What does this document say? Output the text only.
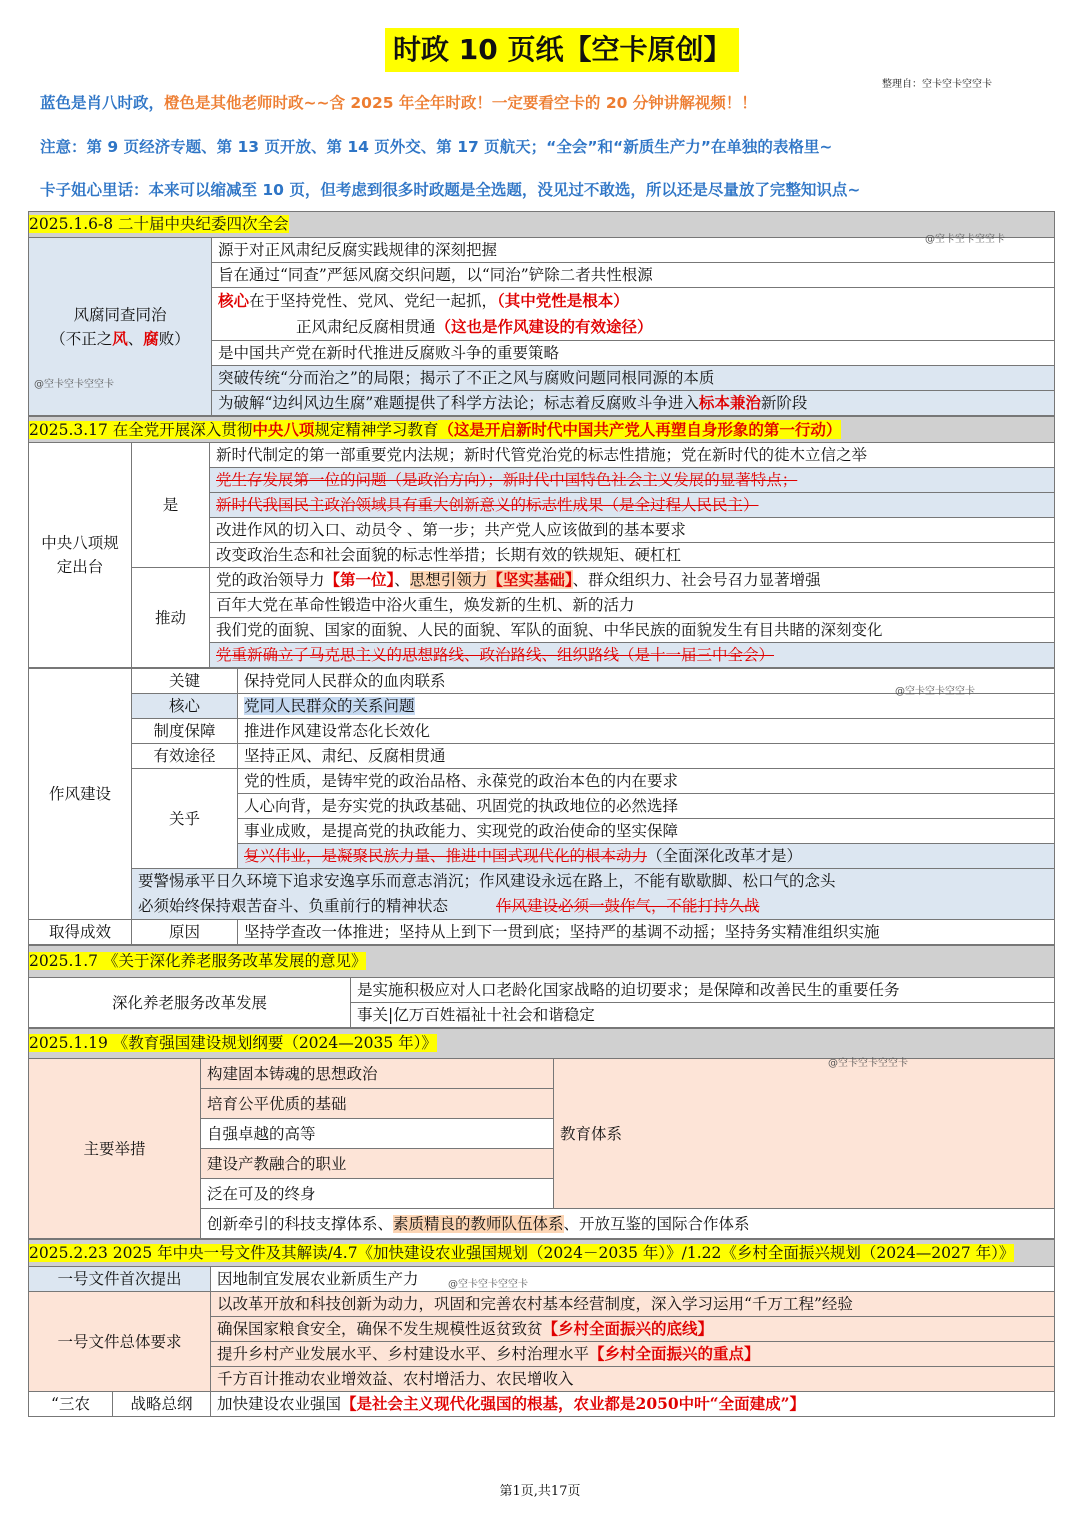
时政 10 页纸【空卡原创】
整理自：空卡空卡空空卡
蓝色是肖八时政，橙色是其他老师时政~~含 2025 年全年时政！一定要看空卡的 20 分钟讲解视频！！
注意：第 9 页经济专题、第 13 页开放、第 14 页外交、第 17 页航天；“全会”和“新质生产力”在单独的表格里~
卡子姐心里话：本来可以缩减至 10 页，但考虑到很多时政题是全选题，没见过不敢选，所以还是尽量放了完整知识点~
2025.1.6-8 二十届中央纪委四次全会
@空卡空卡空空卡
@空卡空卡空空卡
风腐同查同治
（不正之风、腐败）
	源于对正风肃纪反腐实践规律的深刻把握
旨在通过“同查”严惩风腐交织问题，以“同治”铲除二者共性根源

核心在于坚持党性、党风、党纪一起抓，（其中党性是根本）
正风肃纪反腐相贯通（这也是作风建设的有效途径）

是中国共产党在新时代推进反腐败斗争的重要策略
突破传统“分而治之”的局限；揭示了不正之风与腐败问题同根同源的本质
为破解“边纠风边生腐”难题提供了科学方法论；标志着反腐败斗争进入标本兼治新阶段
2025.3.17 在全党开展深入贯彻中央八项规定精神学习教育（这是开启新时代中国共产党人再塑自身形象的第一行动）
中央八项规定出台	是	新时代制定的第一部重要党内法规；新时代管党治党的标志性措施；党在新时代的徙木立信之举
		党生存发展第一位的问题（是政治方向）；新时代中国特色社会主义发展的显著特点；
		新时代我国民主政治领域具有重大创新意义的标志性成果（是全过程人民民主）
		改进作风的切入口、动员令 、第一步；共产党人应该做到的基本要求
		改变政治生态和社会面貌的标志性举措；长期有效的铁规矩、硬杠杠
	推动	党的政治领导力【第一位】、思想引领力【坚实基础】、群众组织力、社会号召力显著增强
		百年大党在革命性锻造中浴火重生，焕发新的生机、新的活力
		我们党的面貌、国家的面貌、人民的面貌、军队的面貌、中华民族的面貌发生有目共睹的深刻变化
		党重新确立了马克思主义的思想路线、政治路线、组织路线（是十一届三中全会）
@空卡空卡空空卡
作风建设	关键	保持党同人民群众的血肉联系
	核心	党同人民群众的关系问题
	制度保障	推进作风建设常态化长效化
	有效途径	坚持正风、肃纪、反腐相贯通
	关乎	党的性质，是铸牢党的政治品格、永葆党的政治本色的内在要求
		人心向背，是夯实党的执政基础、巩固党的执政地位的必然选择
		事业成败，是提高党的执政能力、实现党的政治使命的坚实保障
		复兴伟业，是凝聚民族力量、推进中国式现代化的根本动力（全面深化改革才是）

	要警惕承平日久环境下追求安逸享乐而意志消沉；作风建设永远在路上，不能有歇歇脚、松口气的念头
必须始终保持艰苦奋斗、负重前行的精神状态 作风建设必须一鼓作气，不能打持久战	

取得成效	原因	坚持学查改一体推进；坚持从上到下一贯到底；坚持严的基调不动摇；坚持务实精准组织实施
2025.1.7 《关于深化养老服务改革发展的意见》
深化养老服务改革发展	是实施积极应对人口老龄化国家战略的迫切要求；是保障和改善民生的重要任务
事关|亿万百姓福祉十社会和谐稳定
2025.1.19 《教育强国建设规划纲要（2024—2035 年）》
@空卡空卡空空卡
主要举措	构建固本铸魂的思想政治	教育体系
培育公平优质的基础
自强卓越的高等
建设产教融合的职业
泛在可及的终身
创新牵引的科技支撑体系、素质精良的教师队伍体系、开放互鉴的国际合作体系
2025.2.23 2025 年中央一号文件及其解读/4.7《加快建设农业强国规划（2024－2035 年）》/1.22《乡村全面振兴规划（2024—2027 年）》
@空卡空卡空空卡
一号文件首次提出		因地制宜发展农业新质生产力
一号文件总体要求		以改革开放和科技创新为动力，巩固和完善农村基本经营制度，深入学习运用“千万工程”经验
		确保国家粮食安全，确保不发生规模性返贫致贫【乡村全面振兴的底线】
		提升乡村产业发展水平、乡村建设水平、乡村治理水平【乡村全面振兴的重点】
		千方百计推动农业增效益、农村增活力、农民增收入
“三农	战略总纲	加快建设农业强国【是社会主义现代化强国的根基，农业都是2050中叶“全面建成”】
第1页,共17页
